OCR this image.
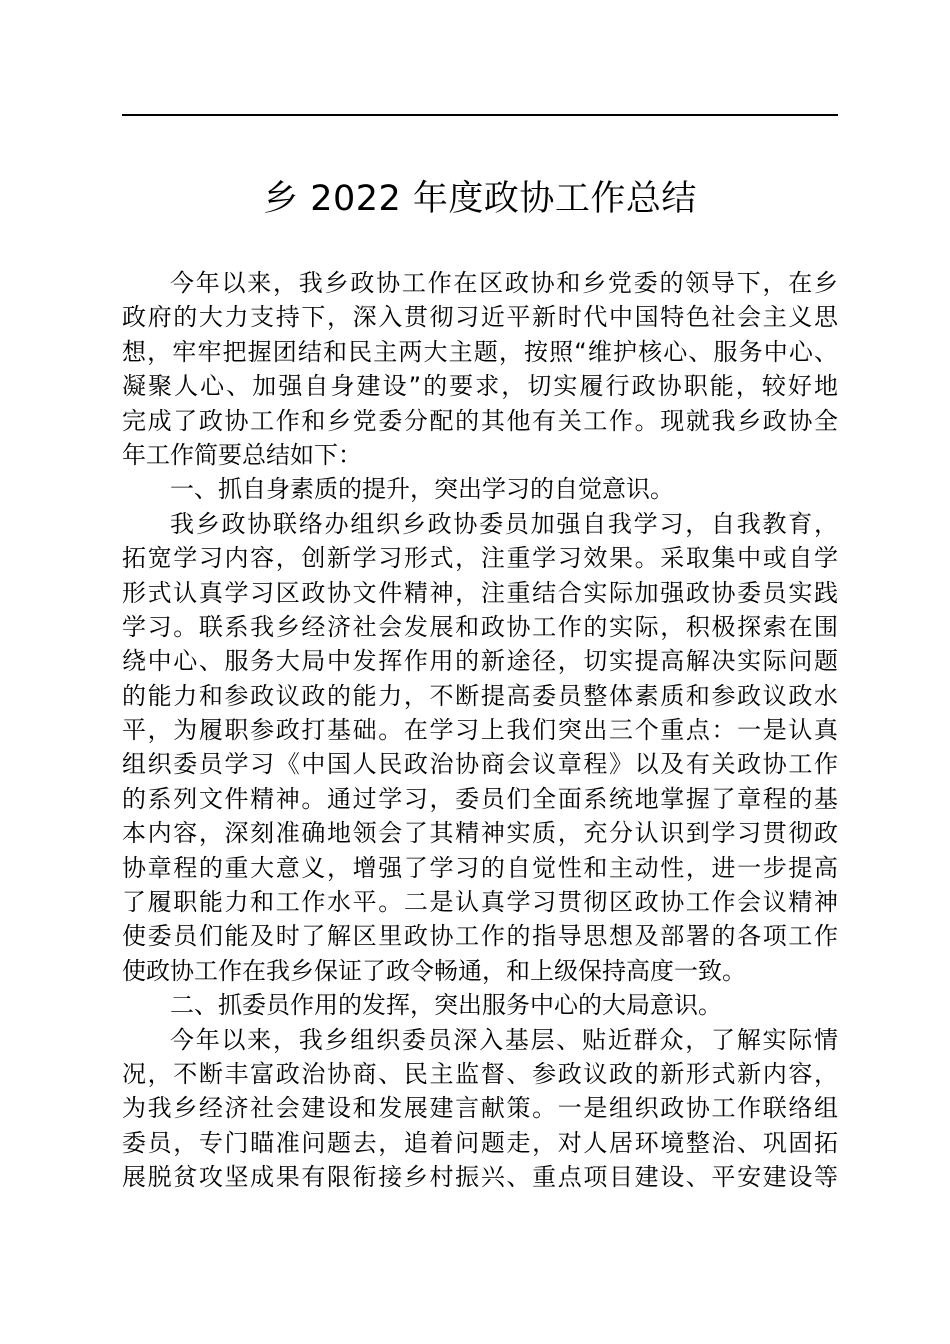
乡 2022 年度政协工作总结
今年以来，我乡政协工作在区政协和乡党委的领导下，在乡
政府的大力支持下，深入贯彻习近平新时代中国特色社会主义思
想，牢牢把握团结和民主两大主题，按照“维护核心、服务中心、
凝聚人心、加强自身建设”的要求，切实履行政协职能，较好地
完成了政协工作和乡党委分配的其他有关工作。现就我乡政协全
年工作简要总结如下：
一、抓自身素质的提升，突出学习的自觉意识。
我乡政协联络办组织乡政协委员加强自我学习，自我教育，
拓宽学习内容，创新学习形式，注重学习效果。采取集中或自学
形式认真学习区政协文件精神，注重结合实际加强政协委员实践
学习。联系我乡经济社会发展和政协工作的实际，积极探索在围
绕中心、服务大局中发挥作用的新途径，切实提高解决实际问题
的能力和参政议政的能力，不断提高委员整体素质和参政议政水
平，为履职参政打基础。在学习上我们突出三个重点：一是认真
组织委员学习《中国人民政治协商会议章程》以及有关政协工作
的系列文件精神。通过学习，委员们全面系统地掌握了章程的基
本内容，深刻准确地领会了其精神实质，充分认识到学习贯彻政
协章程的重大意义，增强了学习的自觉性和主动性，进一步提高
了履职能力和工作水平。二是认真学习贯彻区政协工作会议精神
使委员们能及时了解区里政协工作的指导思想及部署的各项工作
使政协工作在我乡保证了政令畅通，和上级保持高度一致。
二、抓委员作用的发挥，突出服务中心的大局意识。
今年以来，我乡组织委员深入基层、贴近群众，了解实际情
况，不断丰富政治协商、民主监督、参政议政的新形式新内容，
为我乡经济社会建设和发展建言献策。一是组织政协工作联络组
委员，专门瞄准问题去，追着问题走，对人居环境整治、巩固拓
展脱贫攻坚成果有限衔接乡村振兴、重点项目建设、平安建设等
